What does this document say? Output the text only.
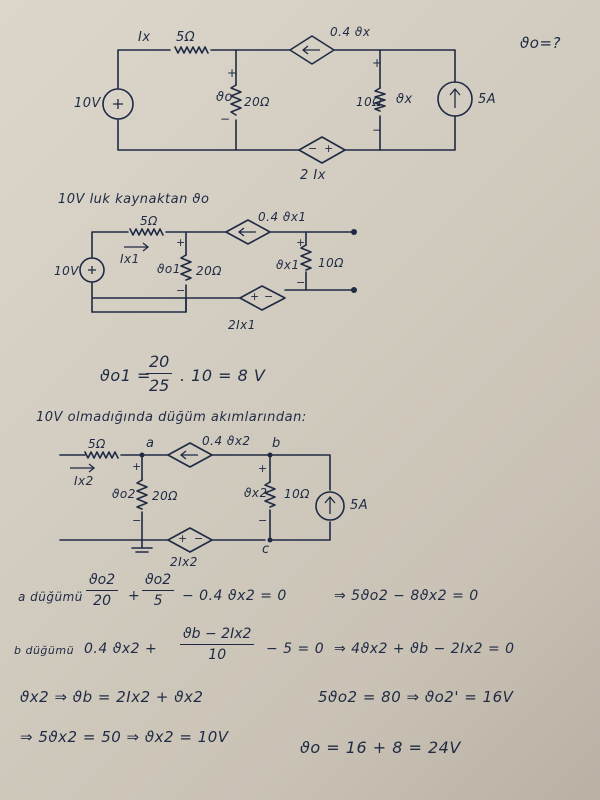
ϑo=?
Ix 5Ω	0.4 ϑx
10V
+
ϑo 20Ω
−
+
10Ω ϑx
−
5A
− +
2 Ix
10V luk kaynaktan ϑo
5Ω	0.4 ϑx1
Ix1
10V
+
ϑo1 20Ω
−
+
ϑx1 10Ω
−
+ −
2Ix1
ϑo1 =
$\frac{20}{25}$ . 10 = 8 V
10V olmadığında düğüm akımlarından:
5Ω	a	0.4 ϑx2 b
Ix2
+
ϑo2 20Ω
−
+
ϑx2 10Ω
−
c
5A
+ −
2Ix2
a düğümü $\frac{ϑo2}{20} + \frac{ϑo2}{5} - 0.4$ ϑx2 = 0	⇒ 5ϑo2 − 8ϑx2 = 0
b düğümü 0.4 $ϑx2 + \frac{ϑb - 2Ix2}{10} - 5 = 0$ ⇒ 4ϑx2 + ϑb − 2Ix2 = 0
ϑx2 ⇒ ϑb = 2Ix2 + ϑx2	5ϑo2 = 80 ⇒ ϑo2' = 16V
⇒ 5ϑx2 = 50 ⇒ ϑx2 = 10V
ϑo = 16 + 8 = 24V
